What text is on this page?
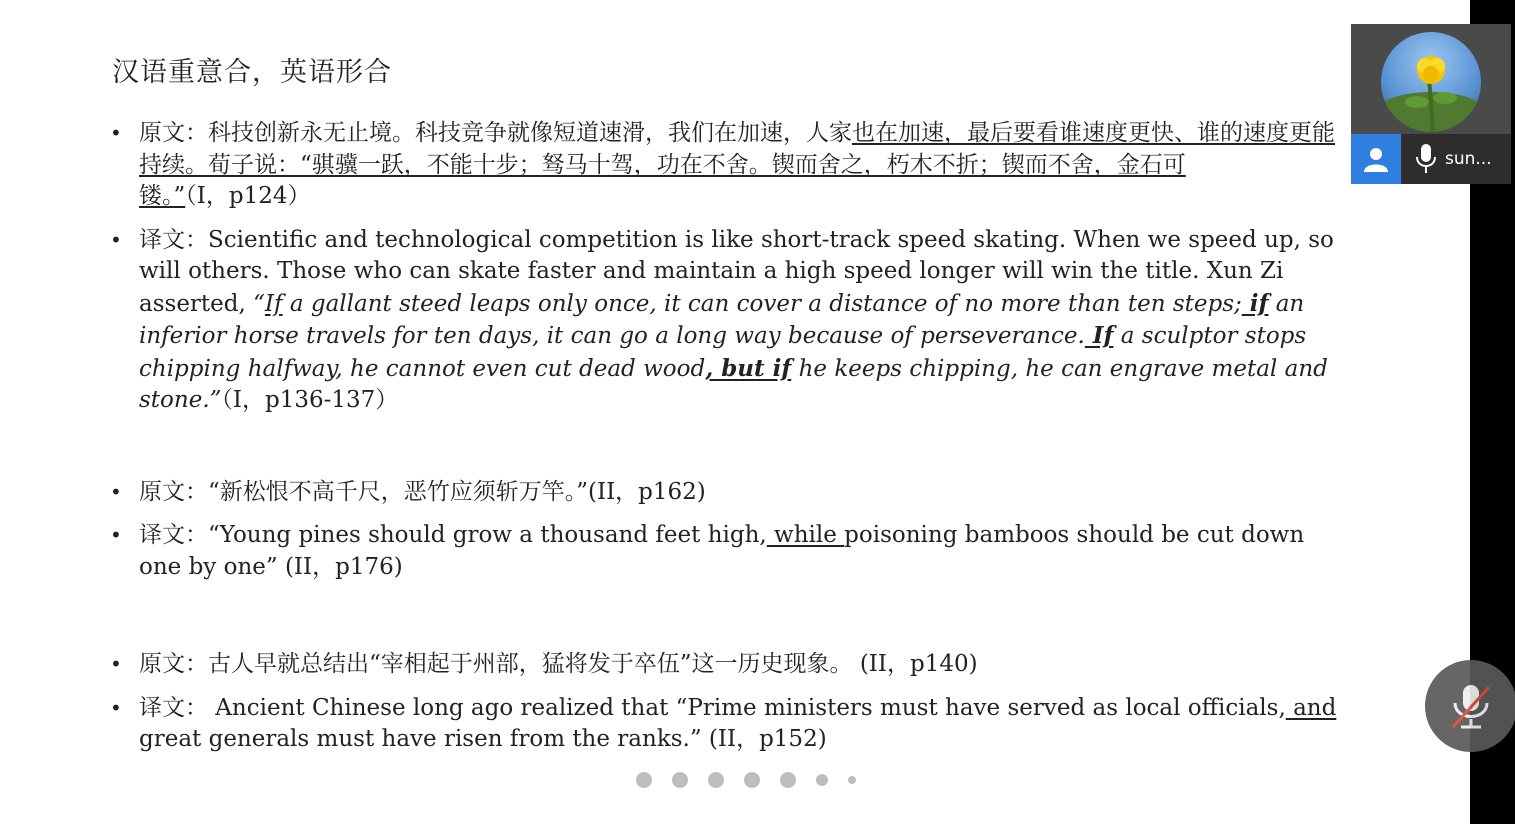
汉语重意合，英语形合

• 原文：科技创新永无止境。科技竞争就像短道速滑，我们在加速，人家也在加速，最后要看谁速度更快、谁的速度更能持续。荀子说：“骐骥一跃，不能十步；驽马十驾，功在不舍。锲而舍之，朽木不折；锲而不舍，金石可镂。”（I，p124）

• 译文：Scientific and technological competition is like short-track speed skating. When we speed up, so will others. Those who can skate faster and maintain a high speed longer will win the title. Xun Zi asserted, “If a gallant steed leaps only once, it can cover a distance of no more than ten steps; if an inferior horse travels for ten days, it can go a long way because of perseverance. If a sculptor stops chipping halfway, he cannot even cut dead wood, but if he keeps chipping, he can engrave metal and stone.”（I，p136-137）

• 原文：“新松恨不高千尺，恶竹应须斩万竿。”(II，p162)

• 译文：“Young pines should grow a thousand feet high, while poisoning bamboos should be cut down one by one” (II，p176)

• 原文：古人早就总结出“宰相起于州部，猛将发于卒伍”这一历史现象。 (II，p140)

• 译文： Ancient Chinese long ago realized that “Prime ministers must have served as local officials, and great generals must have risen from the ranks.” (II，p152)

sun...
